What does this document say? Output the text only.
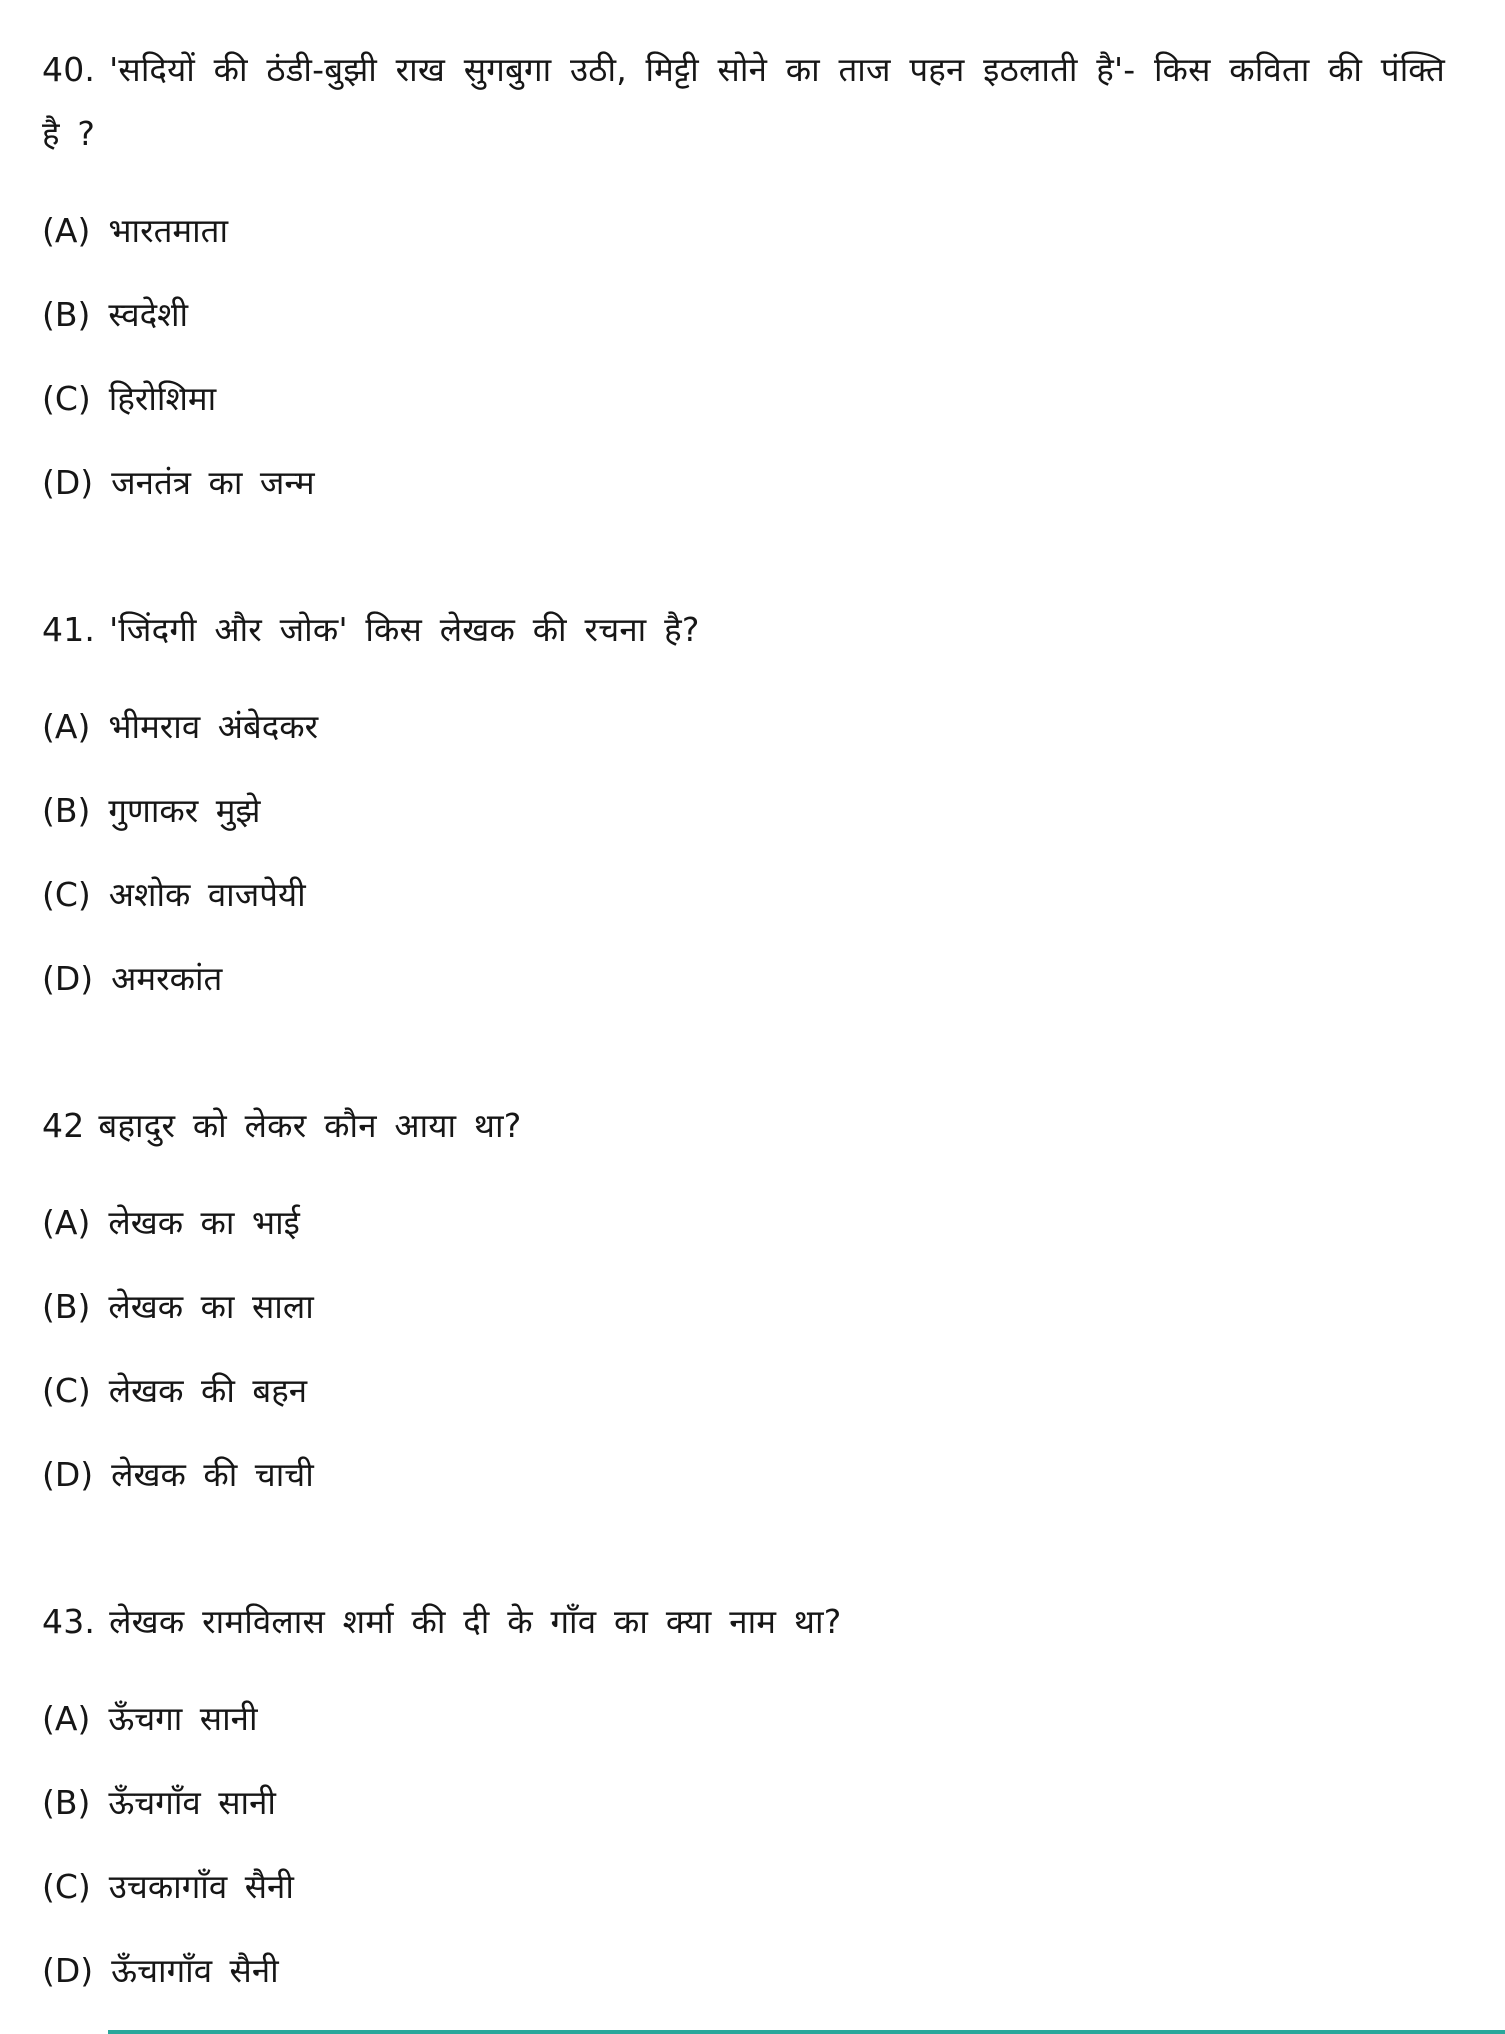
40. 'सदियों की ठंडी-बुझी राख सुगबुगा उठी, मिट्टी सोने का ताज पहन इठलाती है'- किस कविता की पंक्ति है ?

(A) भारतमाता
(B) स्वदेशी
(C) हिरोशिमा
(D) जनतंत्र का जन्म

41. 'जिंदगी और जोक' किस लेखक की रचना है?

(A) भीमराव अंबेदकर
(B) गुणाकर मुझे
(C) अशोक वाजपेयी
(D) अमरकांत

42 बहादुर को लेकर कौन आया था?

(A) लेखक का भाई
(B) लेखक का साला
(C) लेखक की बहन
(D) लेखक की चाची

43. लेखक रामविलास शर्मा की दी के गाँव का क्या नाम था?

(A) ऊँचगा सानी
(B) ऊँचगाँव सानी
(C) उचकागाँव सैनी
(D) ऊँचागाँव सैनी
